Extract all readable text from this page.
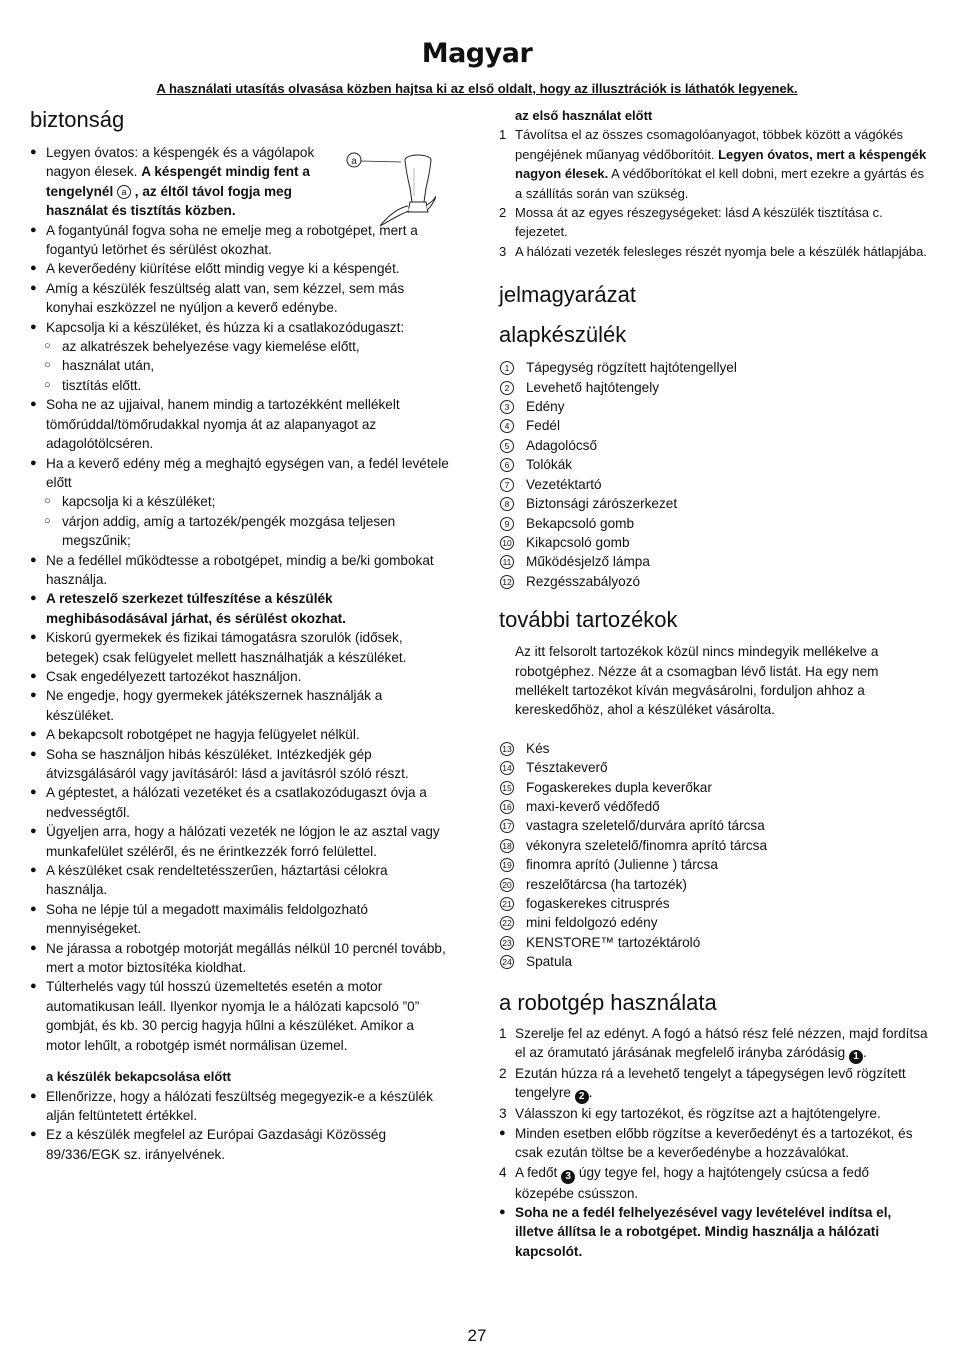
Magyar
A használati utasítás olvasása közben hajtsa ki az első oldalt, hogy az illusztrációk is láthatók legyenek.
biztonság
● Legyen óvatos: a késpengék és a vágólapok
nagyon élesek. A késpengét mindig fent a
tengelynél a , az éltől távol fogja meg
használat és tisztítás közben.
● A fogantyúnál fogva soha ne emelje meg a robotgépet, mert a fogantyú letörhet és sérülést okozhat.
● A keverőedény kiürítése előtt mindig vegye ki a késpengét.
● Amíg a készülék feszültség alatt van, sem kézzel, sem más konyhai eszközzel ne nyúljon a keverő edénybe.
● Kapcsolja ki a készüléket, és húzza ki a csatlakozódugaszt:
○ az alkatrészek behelyezése vagy kiemelése előtt,
○ használat után,
○ tisztítás előtt.
● Soha ne az ujjaival, hanem mindig a tartozékként mellékelt tömőrúddal/tömőrudakkal nyomja át az alapanyagot az adagolótölcséren.
● Ha a keverő edény még a meghajtó egységen van, a fedél levétele előtt
○ kapcsolja ki a készüléket;
○ várjon addig, amíg a tartozék/pengék mozgása teljesen megszűnik;
● Ne a fedéllel működtesse a robotgépet, mindig a be/ki gombokat használja.
● A reteszelő szerkezet túlfeszítése a készülék meghibásodásával járhat, és sérülést okozhat.
● Kiskorú gyermekek és fizikai támogatásra szorulók (idősek, betegek) csak felügyelet mellett használhatják a készüléket.
● Csak engedélyezett tartozékot használjon.
● Ne engedje, hogy gyermekek játékszernek használják a készüléket.
● A bekapcsolt robotgépet ne hagyja felügyelet nélkül.
● Soha se használjon hibás készüléket. Intézkedjék gép átvizsgálásáról vagy javításáról: lásd a javításról szóló részt.
● A géptestet, a hálózati vezetéket és a csatlakozódugaszt óvja a nedvességtől.
● Ügyeljen arra, hogy a hálózati vezeték ne lógjon le az asztal vagy munkafelület széléről, és ne érintkezzék forró felülettel.
● A készüléket csak rendeltetésszerűen, háztartási célokra használja.
● Soha ne lépje túl a megadott maximális feldolgozható mennyiségeket.
● Ne járassa a robotgép motorját megállás nélkül 10 percnél tovább, mert a motor biztosítéka kioldhat.
● Túlterhelés vagy túl hosszú üzemeltetés esetén a motor automatikusan leáll. Ilyenkor nyomja le a hálózati kapcsoló ”0” gombját, és kb. 30 percig hagyja hűlni a készüléket. Amikor a motor lehűlt, a robotgép ismét normálisan üzemel.
a készülék bekapcsolása előtt
● Ellenőrizze, hogy a hálózati feszültség megegyezik-e a készülék alján feltüntetett értékkel.
● Ez a készülék megfelel az Európai Gazdasági Közösség 89/336/EGK sz. irányelvének.
a
az első használat előtt
1 Távolítsa el az összes csomagolóanyagot, többek között a vágókés pengéjének műanyag védőborítóit. Legyen óvatos, mert a késpengék nagyon élesek. A védőborítókat el kell dobni, mert ezekre a gyártás és a szállítás során van szükség.
2 Mossa át az egyes részegységeket: lásd A készülék tisztítása c. fejezetet.
3 A hálózati vezeték felesleges részét nyomja bele a készülék hátlapjába.
jelmagyarázat
alapkészülék
1	Tápegység rögzített hajtótengellyel
2	Levehető hajtótengely
3	Edény
4	Fedél
5	Adagolócső
6	Tolókák
7	Vezetéktartó
8	Biztonsági zárószerkezet
9	Bekapcsoló gomb
10 Kikapcsoló gomb
11 Működésjelző lámpa
12 Rezgésszabályozó
további tartozékok

Az itt felsorolt tartozékok közül nincs mindegyik mellékelve a robotgéphez. Nézze át a csomagban lévő listát. Ha egy nem mellékelt tartozékot kíván megvásárolni, forduljon ahhoz a kereskedőhöz, ahol a készüléket vásárolta.

13 Kés
14 Tésztakeverő
15 Fogaskerekes dupla keverőkar
16 maxi-keverő védőfedő
17 vastagra szeletelő/durvára aprító tárcsa
18 vékonyra szeletelő/finomra aprító tárcsa
19 finomra aprító (Julienne ) tárcsa
20 reszelőtárcsa (ha tartozék)
21 fogaskerekes citrusprés
22 mini feldolgozó edény
23 KENSTORE™ tartozéktároló
24 Spatula
a robotgép használata
1 Szerelje fel az edényt. A fogó a hátsó rész felé nézzen, majd fordítsa el az óramutató járásának megfelelő irányba záródásig 1 .
2 Ezután húzza rá a levehető tengelyt a tápegységen levő rögzített tengelyre 2 .
3 Válasszon ki egy tartozékot, és rögzítse azt a hajtótengelyre.
● Minden esetben előbb rögzítse a keverőedényt és a tartozékot, és csak ezután töltse be a keverőedénybe a hozzávalókat.
4 A fedőt 3 úgy tegye fel, hogy a hajtótengely csúcsa a fedő közepébe csússzon.
● Soha ne a fedél felhelyezésével vagy levételével indítsa el, illetve állítsa le a robotgépet. Mindig használja a hálózati kapcsolót.
27
